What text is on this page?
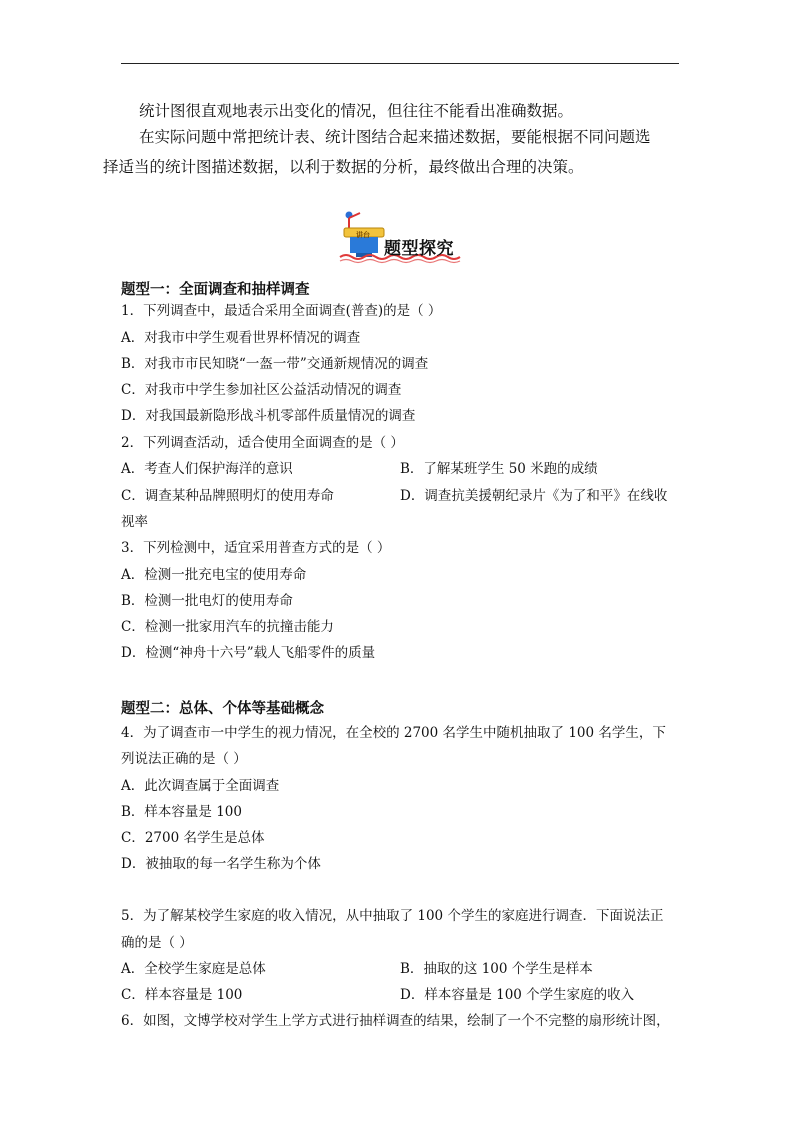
统计图很直观地表示出变化的情况，但往往不能看出准确数据。
在实际问题中常把统计表、统计图结合起来描述数据，要能根据不同问题选
择适当的统计图描述数据，以利于数据的分析，最终做出合理的决策。
讲台
题型探究
题型一：全面调查和抽样调查
1．下列调查中，最适合采用全面调查(普查)的是（ ）
A．对我市中学生观看世界杯情况的调查
B．对我市市民知晓“一盔一带”交通新规情况的调查
C．对我市中学生参加社区公益活动情况的调查
D．对我国最新隐形战斗机零部件质量情况的调查
2．下列调查活动，适合使用全面调查的是（ ）
A．考查人们保护海洋的意识	B．了解某班学生 50 米跑的成绩
C．调查某种品牌照明灯的使用寿命	D．调查抗美援朝纪录片《为了和平》在线收
视率
3．下列检测中，适宜采用普查方式的是（ ）
A．检测一批充电宝的使用寿命
B．检测一批电灯的使用寿命
C．检测一批家用汽车的抗撞击能力
D．检测“神舟十六号”载人飞船零件的质量
题型二：总体、个体等基础概念
4．为了调查市一中学生的视力情况，在全校的 2700 名学生中随机抽取了 100 名学生，下
列说法正确的是（ ）
A．此次调查属于全面调查
B．样本容量是 100
C．2700 名学生是总体
D．被抽取的每一名学生称为个体
5．为了解某校学生家庭的收入情况，从中抽取了 100 个学生的家庭进行调查．下面说法正
确的是（ ）
A．全校学生家庭是总体	B．抽取的这 100 个学生是样本
C．样本容量是 100	D．样本容量是 100 个学生家庭的收入
6．如图，文博学校对学生上学方式进行抽样调查的结果，绘制了一个不完整的扇形统计图，
